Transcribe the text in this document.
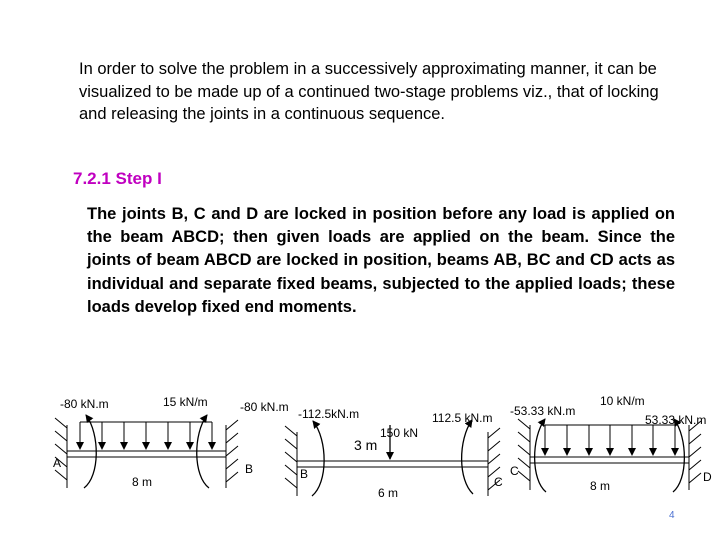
In order to solve the problem in a successively approximating manner, it can be visualized to be made up of a continued two-stage problems viz., that of locking and releasing the joints in a continuous sequence.
7.2.1 Step I
The joints B, C and D are locked in position before any load is applied on the beam ABCD; then given loads are applied on the beam. Since the joints of beam ABCD are locked in position, beams AB, BC and CD acts as individual and separate fixed beams, subjected to the applied loads; these loads develop fixed end moments.
-80 kN.m	15 kN/m	-80 kN.m
A	B
8 m
-112.5kN.m
150 kN
3 m
112.5 kN.m
B
C
6 m
-53.33 kN.m
10 kN/m
53.33 kN.m
C	D
8 m
4
